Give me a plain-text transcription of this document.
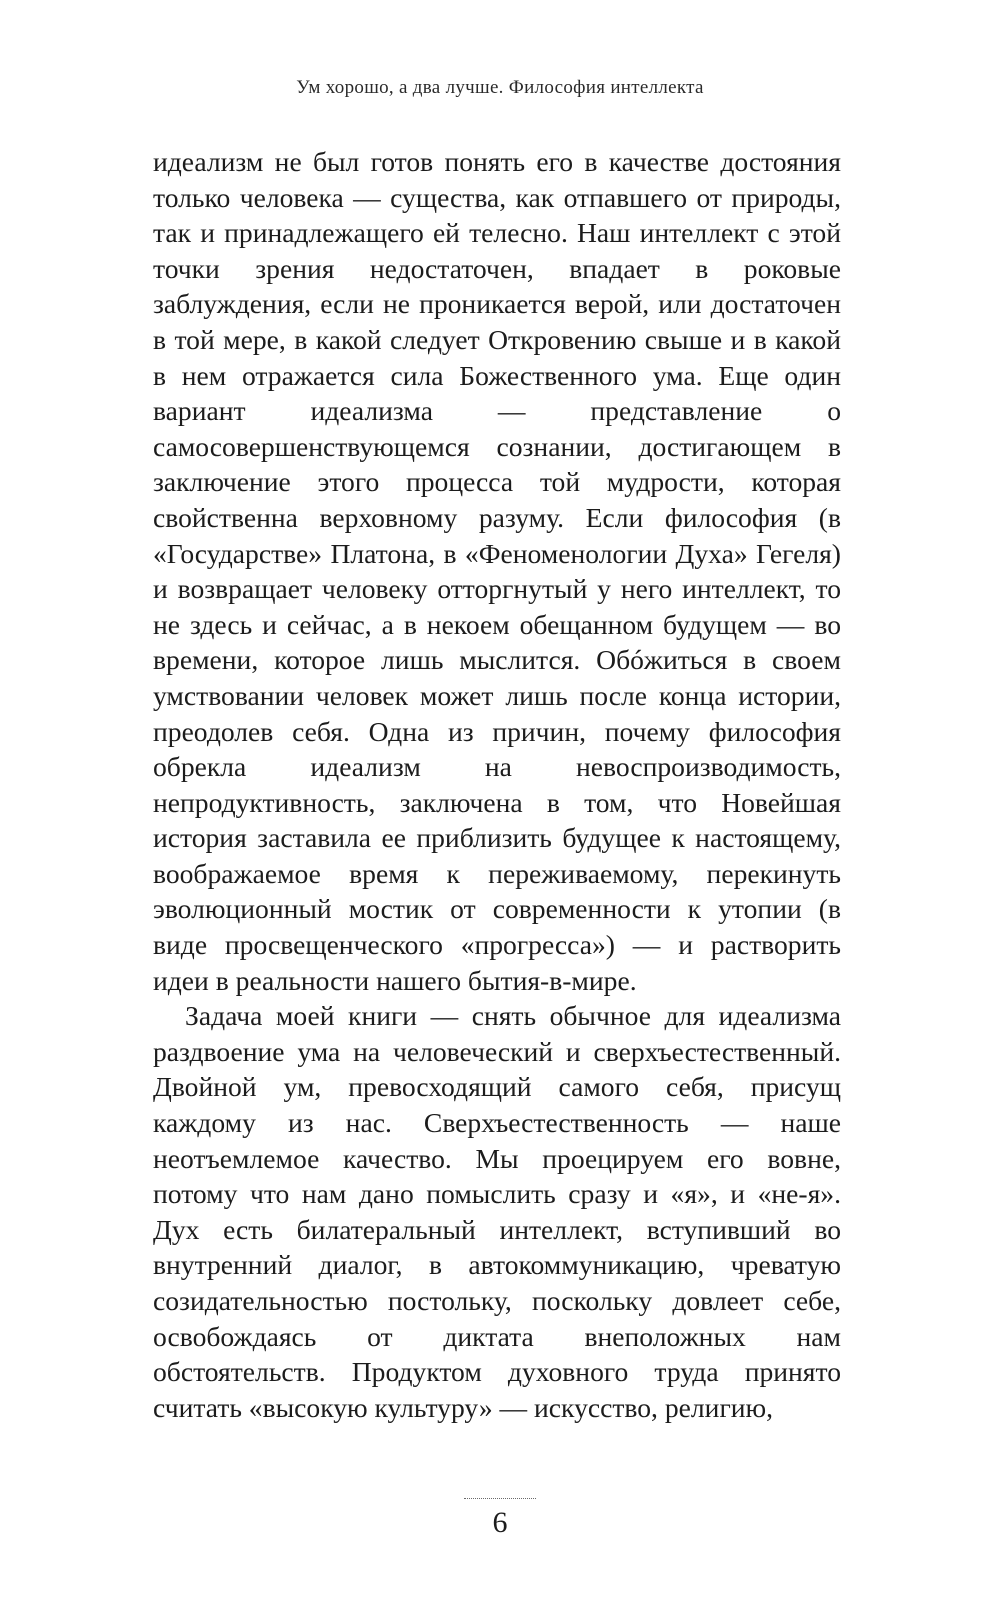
Ум хорошо, а два лучше. Философия интеллекта

идеализм не был готов понять его в качестве достояния только человека — существа, как отпавшего от природы, так и принадлежащего ей телесно. Наш интеллект с этой точки зрения недостаточен, впадает в роковые заблуждения, если не проникается верой, или достаточен в той мере, в какой следует Откровению свыше и в какой в нем отражается сила Божественного ума. Еще один вариант идеализма — представление о самосовершенствующемся сознании, достигающем в заключение этого процесса той мудрости, которая свойственна верховному разуму. Если философия (в «Государстве» Платона, в «Феноменологии Духа» Гегеля) и возвращает человеку отторгнутый у него интеллект, то не здесь и сейчас, а в некоем обещанном будущем — во времени, которое лишь мыслится. Обóжиться в своем умствовании человек может лишь после конца истории, преодолев себя. Одна из причин, почему философия обрекла идеализм на невоспроизводимость, непродуктивность, заключена в том, что Новейшая история заставила ее приблизить будущее к настоящему, воображаемое время к переживаемому, перекинуть эволюционный мостик от современности к утопии (в виде просвещенческого «прогресса») — и растворить идеи в реальности нашего бытия-в-мире.

Задача моей книги — снять обычное для идеализма раздвоение ума на человеческий и сверхъестественный. Двойной ум, превосходящий самого себя, присущ каждому из нас. Сверхъестественность — наше неотъемлемое качество. Мы проецируем его вовне, потому что нам дано помыслить сразу и «я», и «не-я». Дух есть билатеральный интеллект, вступивший во внутренний диалог, в автокоммуникацию, чреватую созидательностью постольку, поскольку довлеет себе, освобождаясь от диктата внеположных нам обстоятельств. Продуктом духовного труда принято считать «высокую культуру» — искусство, религию,

6
